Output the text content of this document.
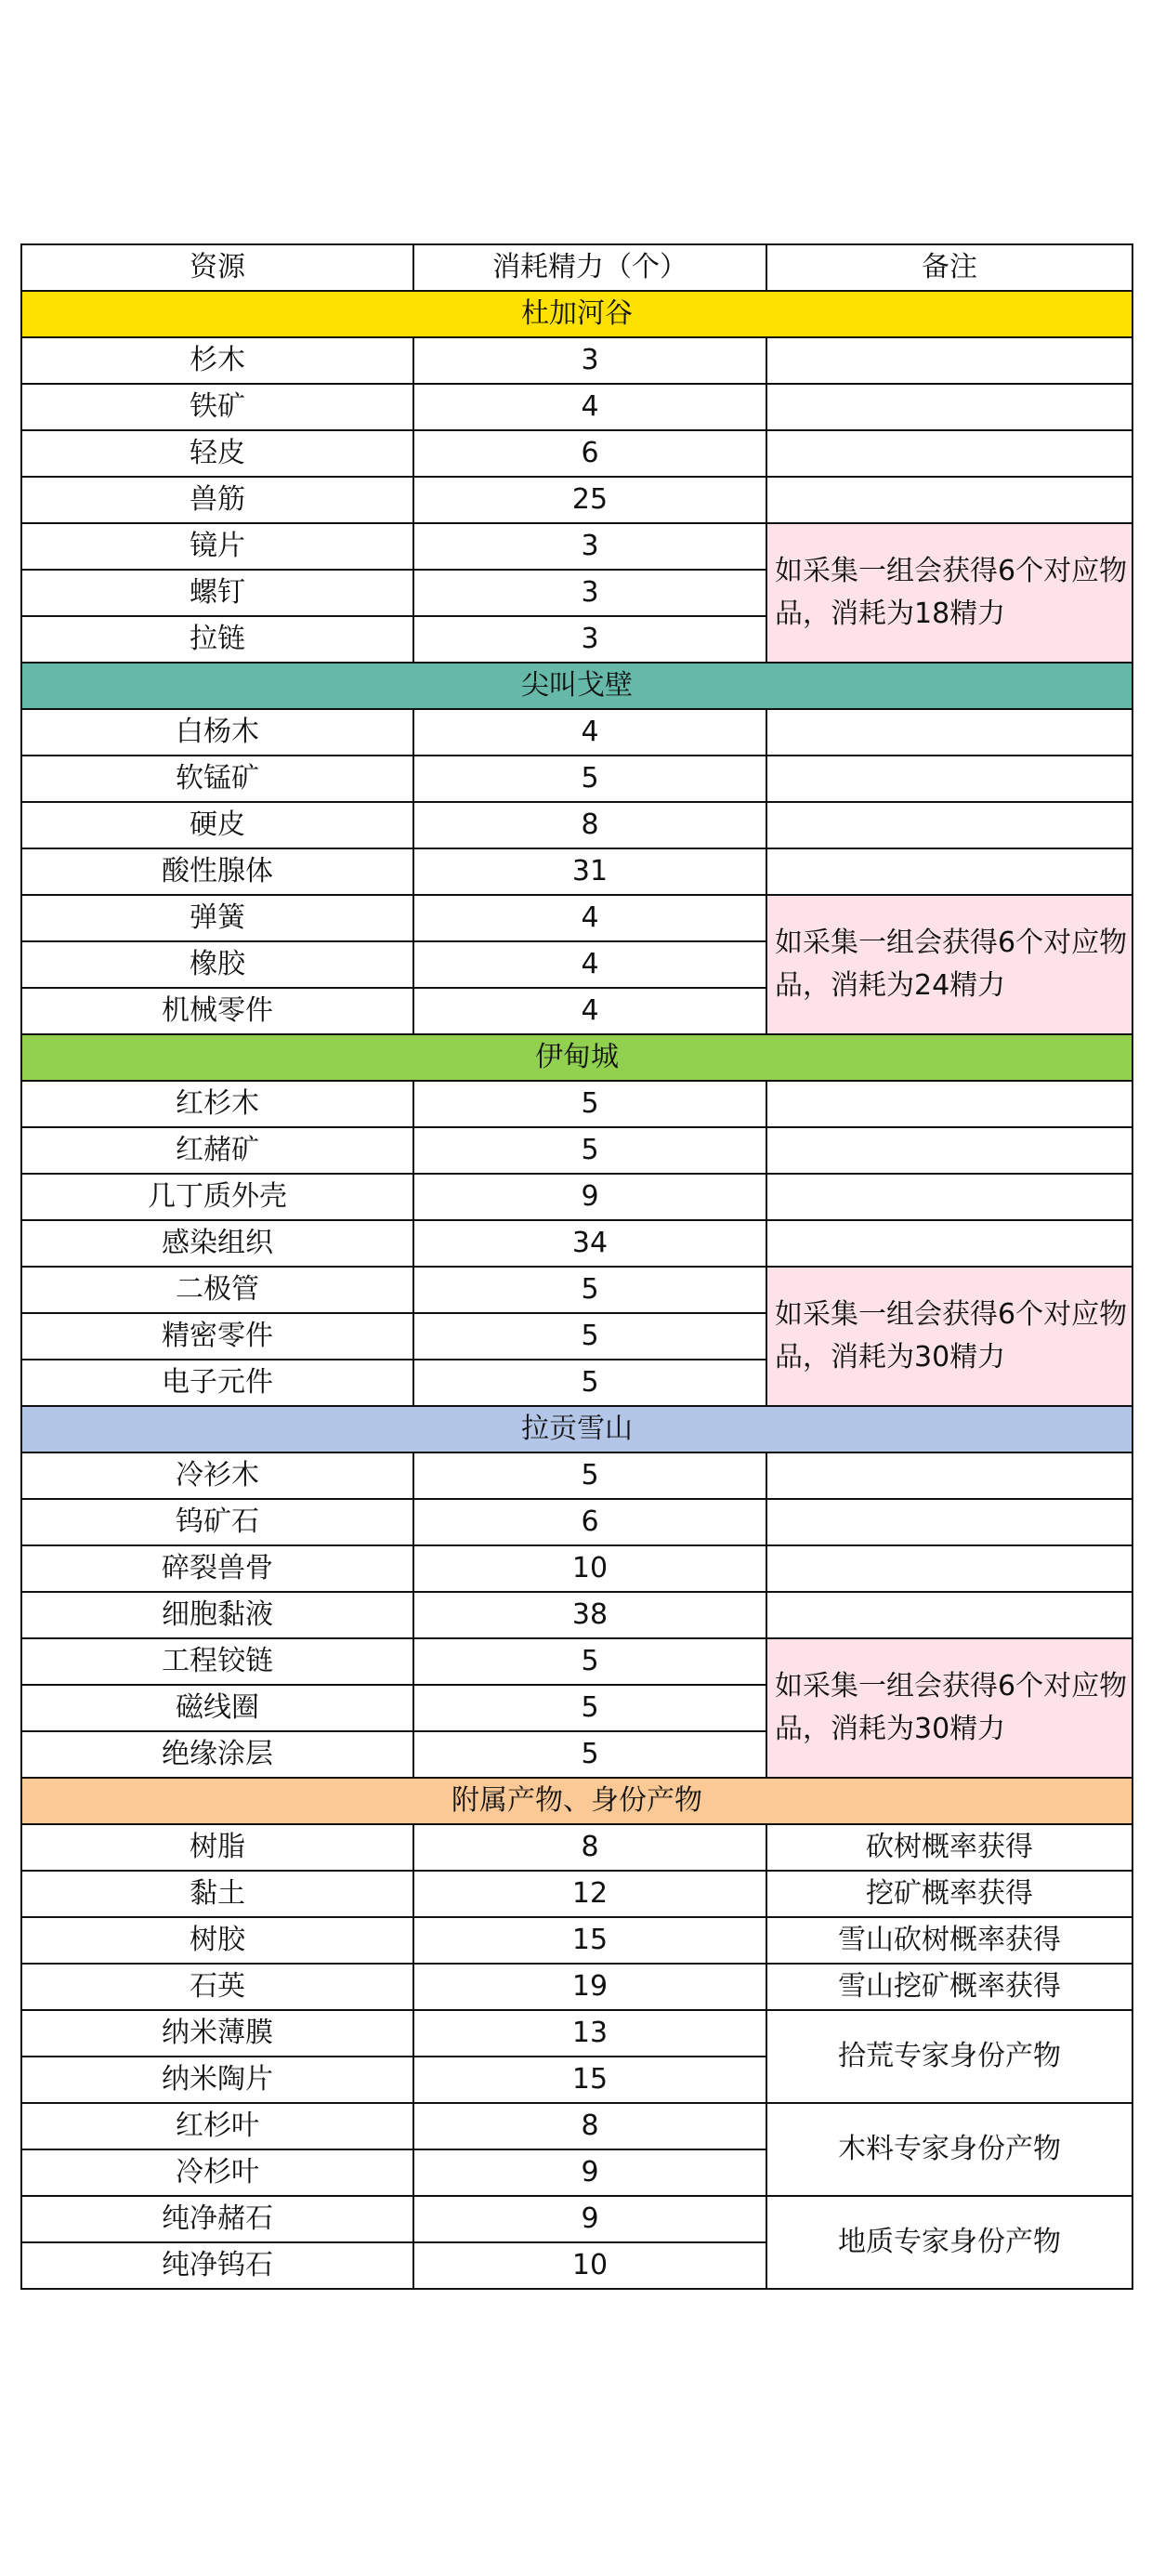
资源	消耗精力（个）	备注
杜加河谷		
杉木	3	
铁矿	4	
轻皮	6	
兽筋	25	
镜片	3	如采集一组会获得6个对应物品，消耗为18精力
螺钉	3	
拉链	3	
尖叫戈壁		
白杨木	4	
软锰矿	5	
硬皮	8	
酸性腺体	31	
弹簧	4	如采集一组会获得6个对应物品，消耗为24精力
橡胶	4	
机械零件	4	
伊甸城		
红杉木	5	
红赭矿	5	
几丁质外壳	9	
感染组织	34	
二极管	5	如采集一组会获得6个对应物品，消耗为30精力
精密零件	5	
电子元件	5	
拉贡雪山		
冷衫木	5	
钨矿石	6	
碎裂兽骨	10	
细胞黏液	38	
工程铰链	5	如采集一组会获得6个对应物品，消耗为30精力
磁线圈	5	
绝缘涂层	5	
附属产物、身份产物		
树脂	8	砍树概率获得
黏土	12	挖矿概率获得
树胶	15	雪山砍树概率获得
石英	19	雪山挖矿概率获得
纳米薄膜	13	拾荒专家身份产物
纳米陶片	15	
红杉叶	8	木料专家身份产物
冷杉叶	9	
纯净赭石	9	地质专家身份产物
纯净钨石	10	
